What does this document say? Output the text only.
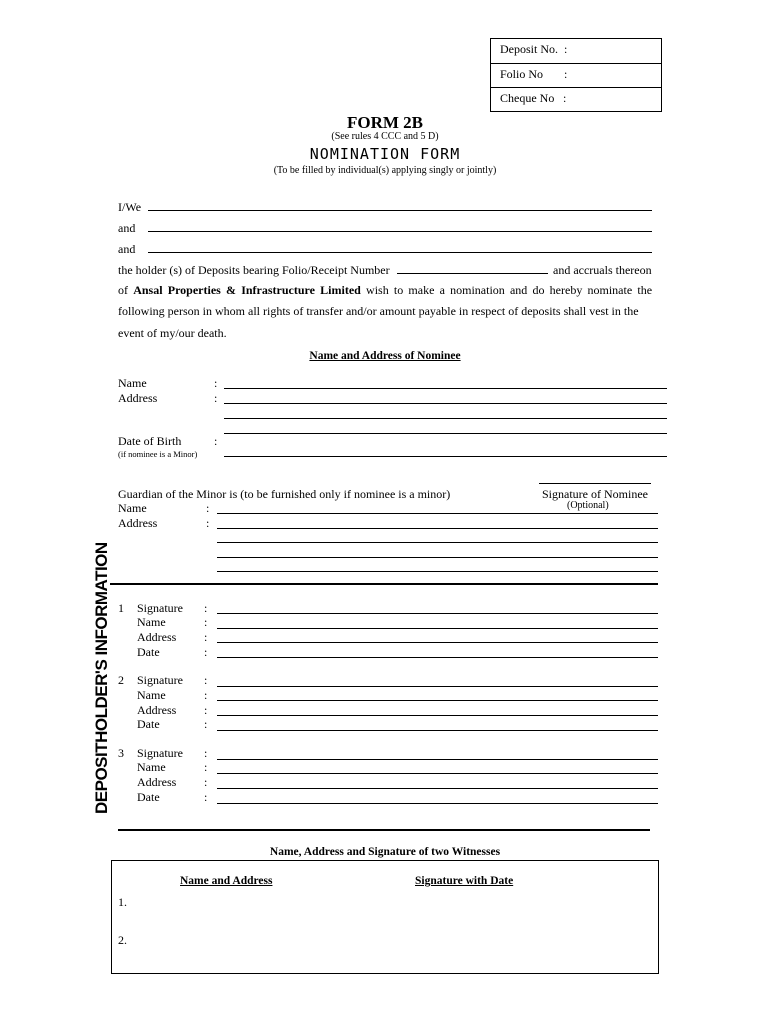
Deposit No. :
Folio No :
Cheque No :
FORM 2B
(See rules 4 CCC and 5 D)
NOMINATION FORM
(To be filled by individual(s) applying singly or jointly)
I/We
and
and
the holder (s) of Deposits bearing Folio/Receipt Number	and accruals thereon
of Ansal Properties & Infrastructure Limited wish to make a nomination and do hereby nominate the following person in whom all rights of transfer and/or amount payable in respect of deposits shall vest in the
event of my/our death.
Name and Address of Nominee
Name	:
Address	:
Date of Birth	:
(if nominee is a Minor)
Signature of Nominee
(Optional)
Guardian of the Minor is (to be furnished only if nominee is a minor)
Name	:
Address	:
DEPOSITHOLDER'S INFORMATION 1 Signature :
Name	:
Address :
Date	:
2 Signature :
Name	:
Address :
Date	:
3 Signature :
Name	:
Address :
Date	:
Name, Address and Signature of two Witnesses
Name and Address	Signature with Date
1.
2.
